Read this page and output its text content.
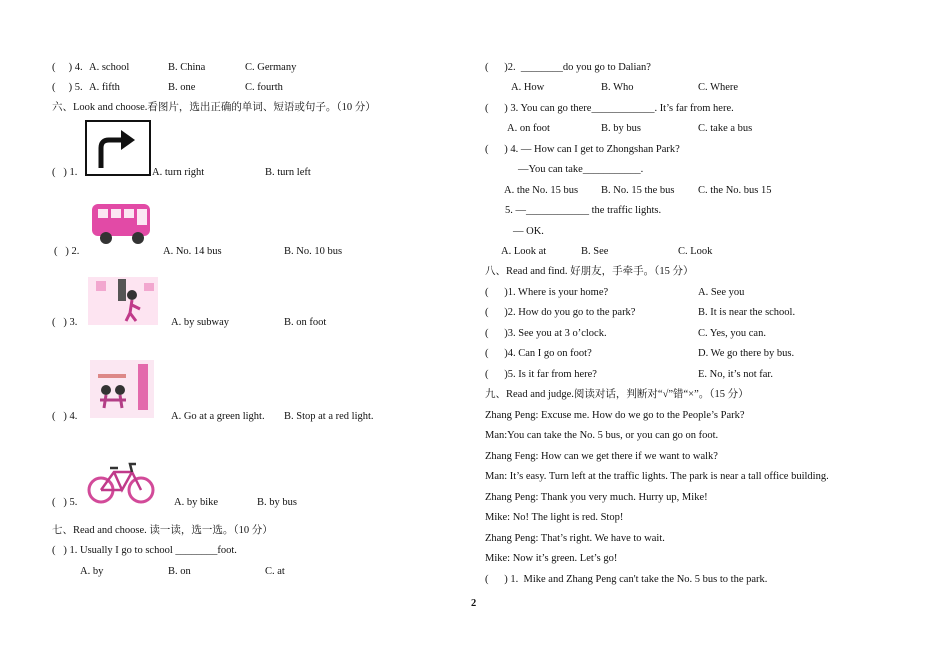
(     ) 4. A. school	B. China	C. Germany
(     ) 5. A. fifth	B. one	C. fourth
六、Look and choose.看图片，选出正确的单词、短语或句子。（10 分）
(   ) 1.	A. turn right	B. turn left
(   ) 2.	A. No. 14 bus	B. No. 10 bus
(   ) 3.	A. by subway	B. on foot
(   ) 4.	A. Go at a green light. B. Stop at a red light.
(   ) 5.	A. by bike	B. by bus
七、Read and choose. 读一读，选一选。（10 分）
(   ) 1. Usually I go to school ________foot.
A. by	B. on	C. at
(      )2.  ________do you go to Dalian?
A. How	B. Who	C. Where
(      ) 3. You can go there____________. It’s far from here.
A. on foot	B. by bus	C. take a bus
(      ) 4. — How can I get to Zhongshan Park?
—You can take___________.
A. the No. 15 bus B. No. 15 the bus C. the No. bus 15
5. —____________ the traffic lights.
— OK.
A. Look at	B. See	C. Look
八、Read and find. 好朋友，手牵手。（15 分）
(      )1. Where is your home?	A. See you
(      )2. How do you go to the park?	B. It is near the school.
(      )3. See you at 3 o’clock.	C. Yes, you can.
(      )4. Can I go on foot?	D. We go there by bus.
(      )5. Is it far from here?	E. No, it’s not far.
九、Read and judge.阅读对话，判断对“√”错“×”。（15 分）
Zhang Peng: Excuse me. How do we go to the People’s Park?
Man:You can take the No. 5 bus, or you can go on foot.
Zhang Feng: How can we get there if we want to walk?
Man: It’s easy. Turn left at the traffic lights. The park is near a tall office building.
Zhang Peng: Thank you very much. Hurry up, Mike!
Mike: No! The light is red. Stop!
Zhang Peng: That’s right. We have to wait.
Mike: Now it’s green. Let’s go!
(      ) 1.  Mike and Zhang Peng can't take the No. 5 bus to the park.
2
